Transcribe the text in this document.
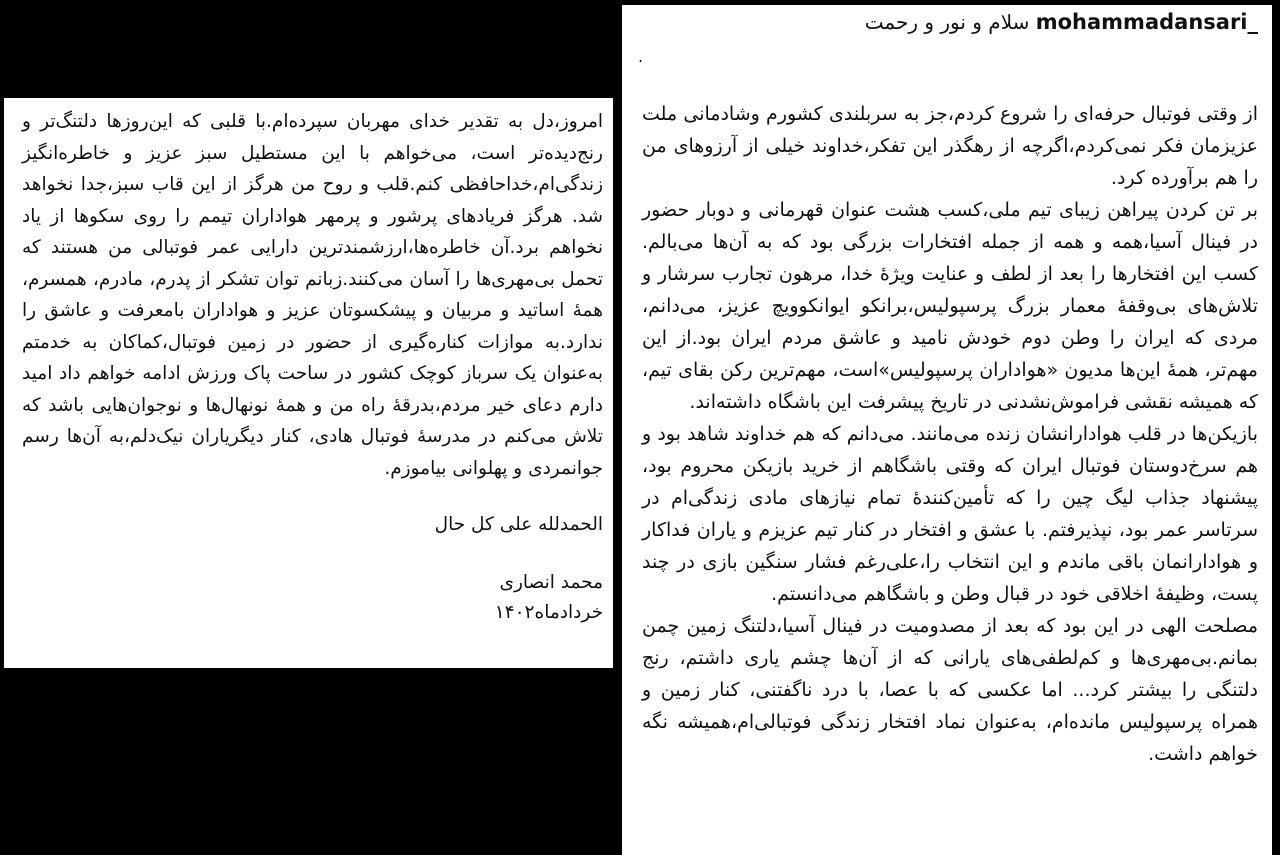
mohammadansari_ سلام و نور و رحمت
.

از وقتی فوتبال حرفه‌ای را شروع کردم،جز به سربلندی کشورم وشادمانی ملت عزیزمان فکر نمی‌کردم،اگرچه از رهگذر این تفکر،خداوند خیلی از آرزوهای من را هم برآورده کرد.

بر تن کردن پیراهن زیبای تیم ملی،کسب هشت عنوان قهرمانی و دوبار حضور در فینال آسیا،همه و همه از جمله افتخارات بزرگی بود که به آن‌ها می‌بالم. کسب این افتخارها را بعد از لطف و عنایت ویژۀ خدا، مرهون تجارب سرشار و تلاش‌های بی‌وقفۀ معمار بزرگ پرسپولیس،برانکو ایوانکوویچ عزیز، می‌دانم، مردی که ایران را وطن دوم خودش نامید و عاشق مردم ایران بود.از این مهم‌تر، همۀ این‌ها مدیون «هواداران پرسپولیس»است، مهم‌ترین رکن بقای تیم، که همیشه نقشی فراموش‌نشدنی در تاریخ پیشرفت این باشگاه داشته‌اند.

بازیکن‌ها در قلب هوادارانشان زنده می‌مانند. می‌دانم که هم خداوند شاهد بود و هم سرخ‌دوستان فوتبال ایران که وقتی باشگاهم از خرید بازیکن محروم بود، پیشنهاد جذاب لیگ چین را که تأمین‌کنندۀ تمام نیازهای مادی زندگی‌ام در سرتاسر عمر بود، نپذیرفتم. با عشق و افتخار در کنار تیم عزیزم و یاران فداکار و هوادارانمان باقی ماندم و این انتخاب را،علی‌رغم فشار سنگین بازی در چند پست، وظیفۀ اخلاقی خود در قبال وطن و باشگاهم می‌دانستم.

مصلحت الهی در این بود که بعد از مصدومیت در فینال آسیا،دلتنگ زمین چمن بمانم.بی‌مهری‌ها و کم‌لطفی‌های یارانی که از آن‌ها چشم یاری داشتم، رنج دلتنگی را بیشتر کرد... اما عکسی که با عصا، با درد ناگفتنی، کنار زمین و همراه پرسپولیس مانده‌ام، به‌عنوان نماد افتخار زندگی فوتبالی‌ام،همیشه نگه خواهم داشت.

امروز،دل به تقدیر خدای مهربان سپرده‌ام.با قلبی که این‌روزها دلتنگ‌تر و رنج‌دیده‌تر است، می‌خواهم با این مستطیل سبز عزیز و خاطره‌انگیز زندگی‌ام،خداحافظی کنم.قلب و روح من هرگز از این قاب سبز،جدا نخواهد شد. هرگز فریادهای پرشور و پرمهر هواداران تیمم را روی سکوها از یاد نخواهم برد.آن خاطره‌ها،ارزشمندترین دارایی عمر فوتبالی من هستند که تحمل بی‌مهری‌ها را آسان می‌کنند.زبانم توان تشکر از پدرم، مادرم، همسرم، همۀ اساتید و مربیان و پیشکسوتان عزیز و هواداران بامعرفت و عاشق را ندارد.به موازات کناره‌گیری از حضور در زمین فوتبال،کماکان به خدمتم به‌عنوان یک سرباز کوچک کشور در ساحت پاک ورزش ادامه خواهم داد امید دارم دعای خیر مردم،بدرقۀ راه من و همۀ نونهال‌ها و نوجوان‌هایی باشد که تلاش می‌کنم در مدرسۀ فوتبال هادی، کنار دیگریاران نیک‌دلم،به آن‌ها رسم جوانمردی و پهلوانی بیاموزم.

الحمدلله علی کل حال
محمد انصاری
خردادماه۱۴۰۲
